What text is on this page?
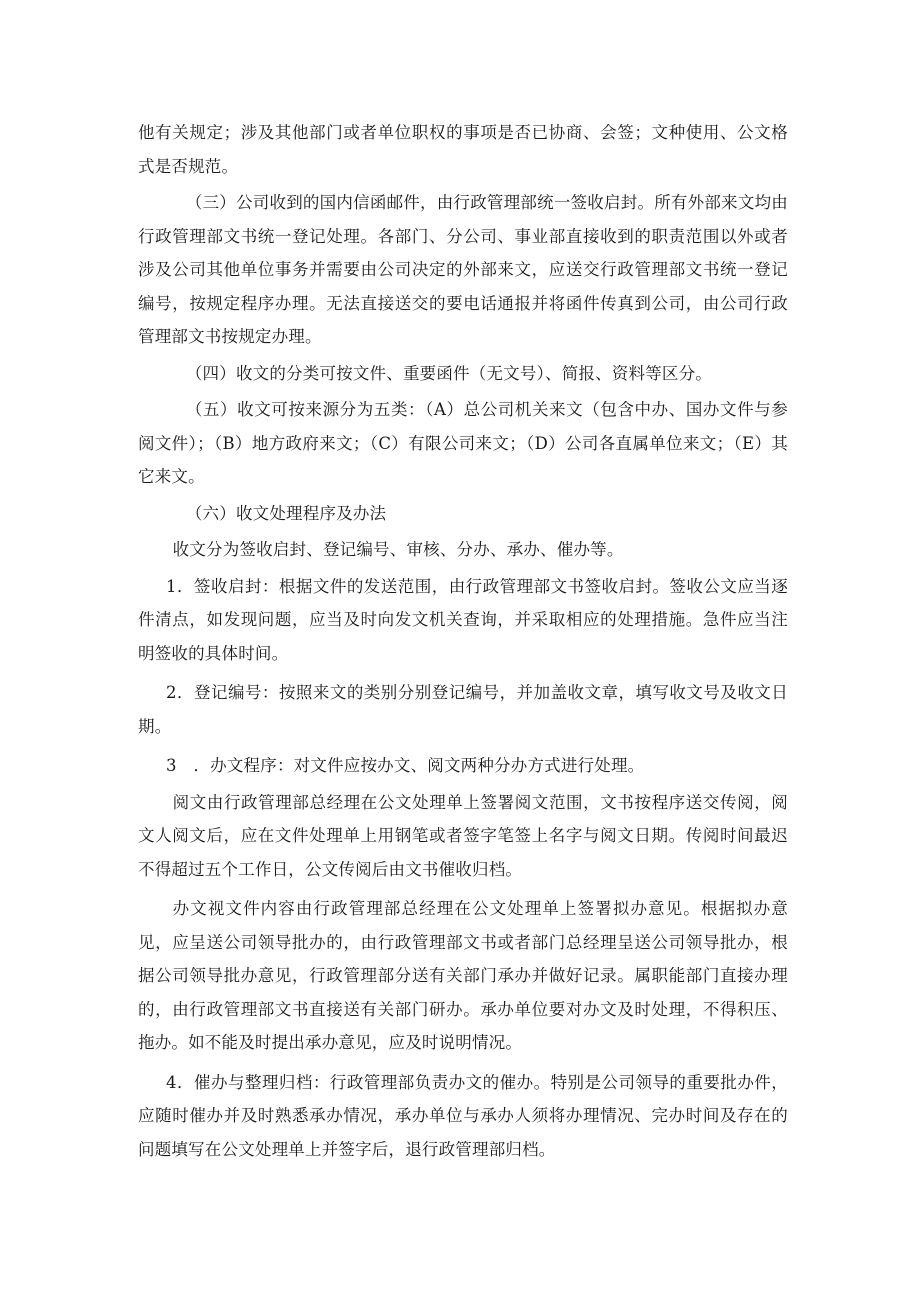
他有关规定；涉及其他部门或者单位职权的事项是否已协商、会签；文种使用、公文格式是否规范。

（三）公司收到的国内信函邮件，由行政管理部统一签收启封。所有外部来文均由行政管理部文书统一登记处理。各部门、分公司、事业部直接收到的职责范围以外或者涉及公司其他单位事务并需要由公司决定的外部来文，应送交行政管理部文书统一登记编号，按规定程序办理。无法直接送交的要电话通报并将函件传真到公司，由公司行政管理部文书按规定办理。

（四）收文的分类可按文件、重要函件（无文号）、简报、资料等区分。

（五）收文可按来源分为五类：（A）总公司机关来文（包含中办、国办文件与参阅文件）；（B）地方政府来文；（C）有限公司来文；（D）公司各直属单位来文；（E）其它来文。

（六）收文处理程序及办法

收文分为签收启封、登记编号、审核、分办、承办、催办等。

1．签收启封：根据文件的发送范围，由行政管理部文书签收启封。签收公文应当逐件清点，如发现问题，应当及时向发文机关查询，并采取相应的处理措施。急件应当注明签收的具体时间。

2．登记编号：按照来文的类别分别登记编号，并加盖收文章，填写收文号及收文日期。

3　．办文程序：对文件应按办文、阅文两种分办方式进行处理。

阅文由行政管理部总经理在公文处理单上签署阅文范围，文书按程序送交传阅，阅文人阅文后，应在文件处理单上用钢笔或者签字笔签上名字与阅文日期。传阅时间最迟不得超过五个工作日，公文传阅后由文书催收归档。

办文视文件内容由行政管理部总经理在公文处理单上签署拟办意见。根据拟办意见，应呈送公司领导批办的，由行政管理部文书或者部门总经理呈送公司领导批办，根据公司领导批办意见，行政管理部分送有关部门承办并做好记录。属职能部门直接办理的，由行政管理部文书直接送有关部门研办。承办单位要对办文及时处理，不得积压、拖办。如不能及时提出承办意见，应及时说明情况。

4．催办与整理归档：行政管理部负责办文的催办。特别是公司领导的重要批办件，应随时催办并及时熟悉承办情况，承办单位与承办人须将办理情况、完办时间及存在的问题填写在公文处理单上并签字后，退行政管理部归档。
